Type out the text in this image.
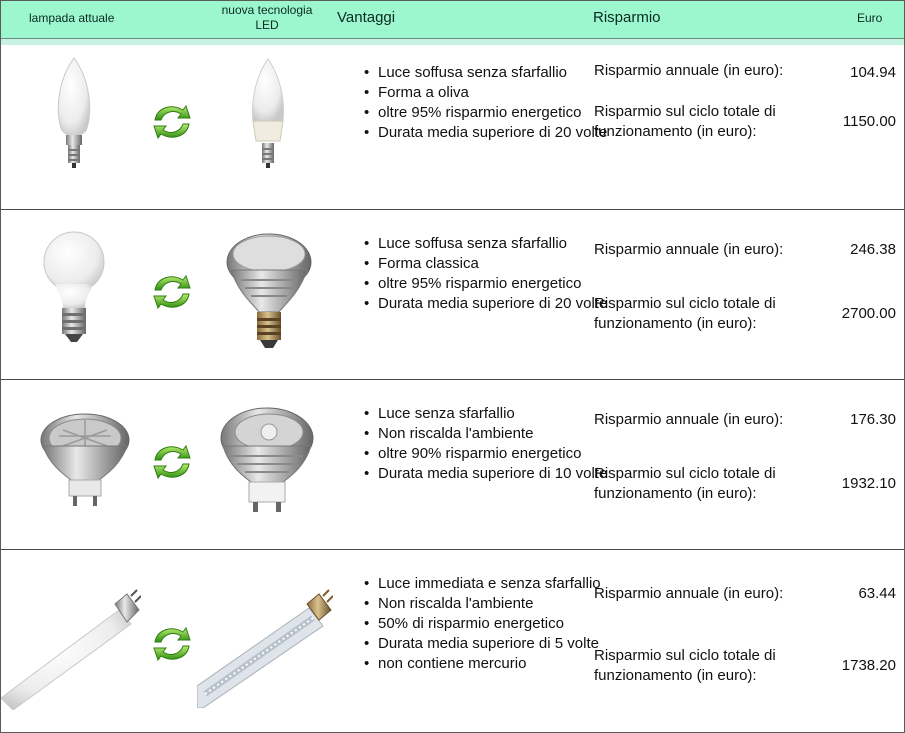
lampada attuale
nuova tecnologia LED	Vantaggi	Risparmio	Euro
• Luce soffusa senza sfarfallio
• Forma a oliva
• oltre 95% risparmio energetico
• Durata media superiore di 20 volte
Risparmio annualе (in euro):	104.94
Risparmio sul ciclo totale di funzionamento (in euro):
1150.00
• Luce soffusa senza sfarfallio
• Forma classica
• oltre 95% risparmio energetico
• Durata media superiore di 20 volte
Risparmio annuale (in euro):	246.38
Risparmio sul ciclo totale di funzionamento (in euro):
2700.00
• Luce senza sfarfallio
• Non riscalda l'ambiente
• oltre 90% risparmio energetico
• Durata media superiore di 10 volte
Risparmio annuale (in euro):	176.30
Risparmio sul ciclo totale di funzionamento (in euro):
1932.10
• Luce immediata e senza sfarfallio
• Non riscalda l'ambiente
• 50% di risparmio energetico
• Durata media superiore di 5 volte
• non contiene mercurio
Risparmio annuale (in euro):	63.44
Risparmio sul ciclo totale di funzionamento (in euro):
1738.20
